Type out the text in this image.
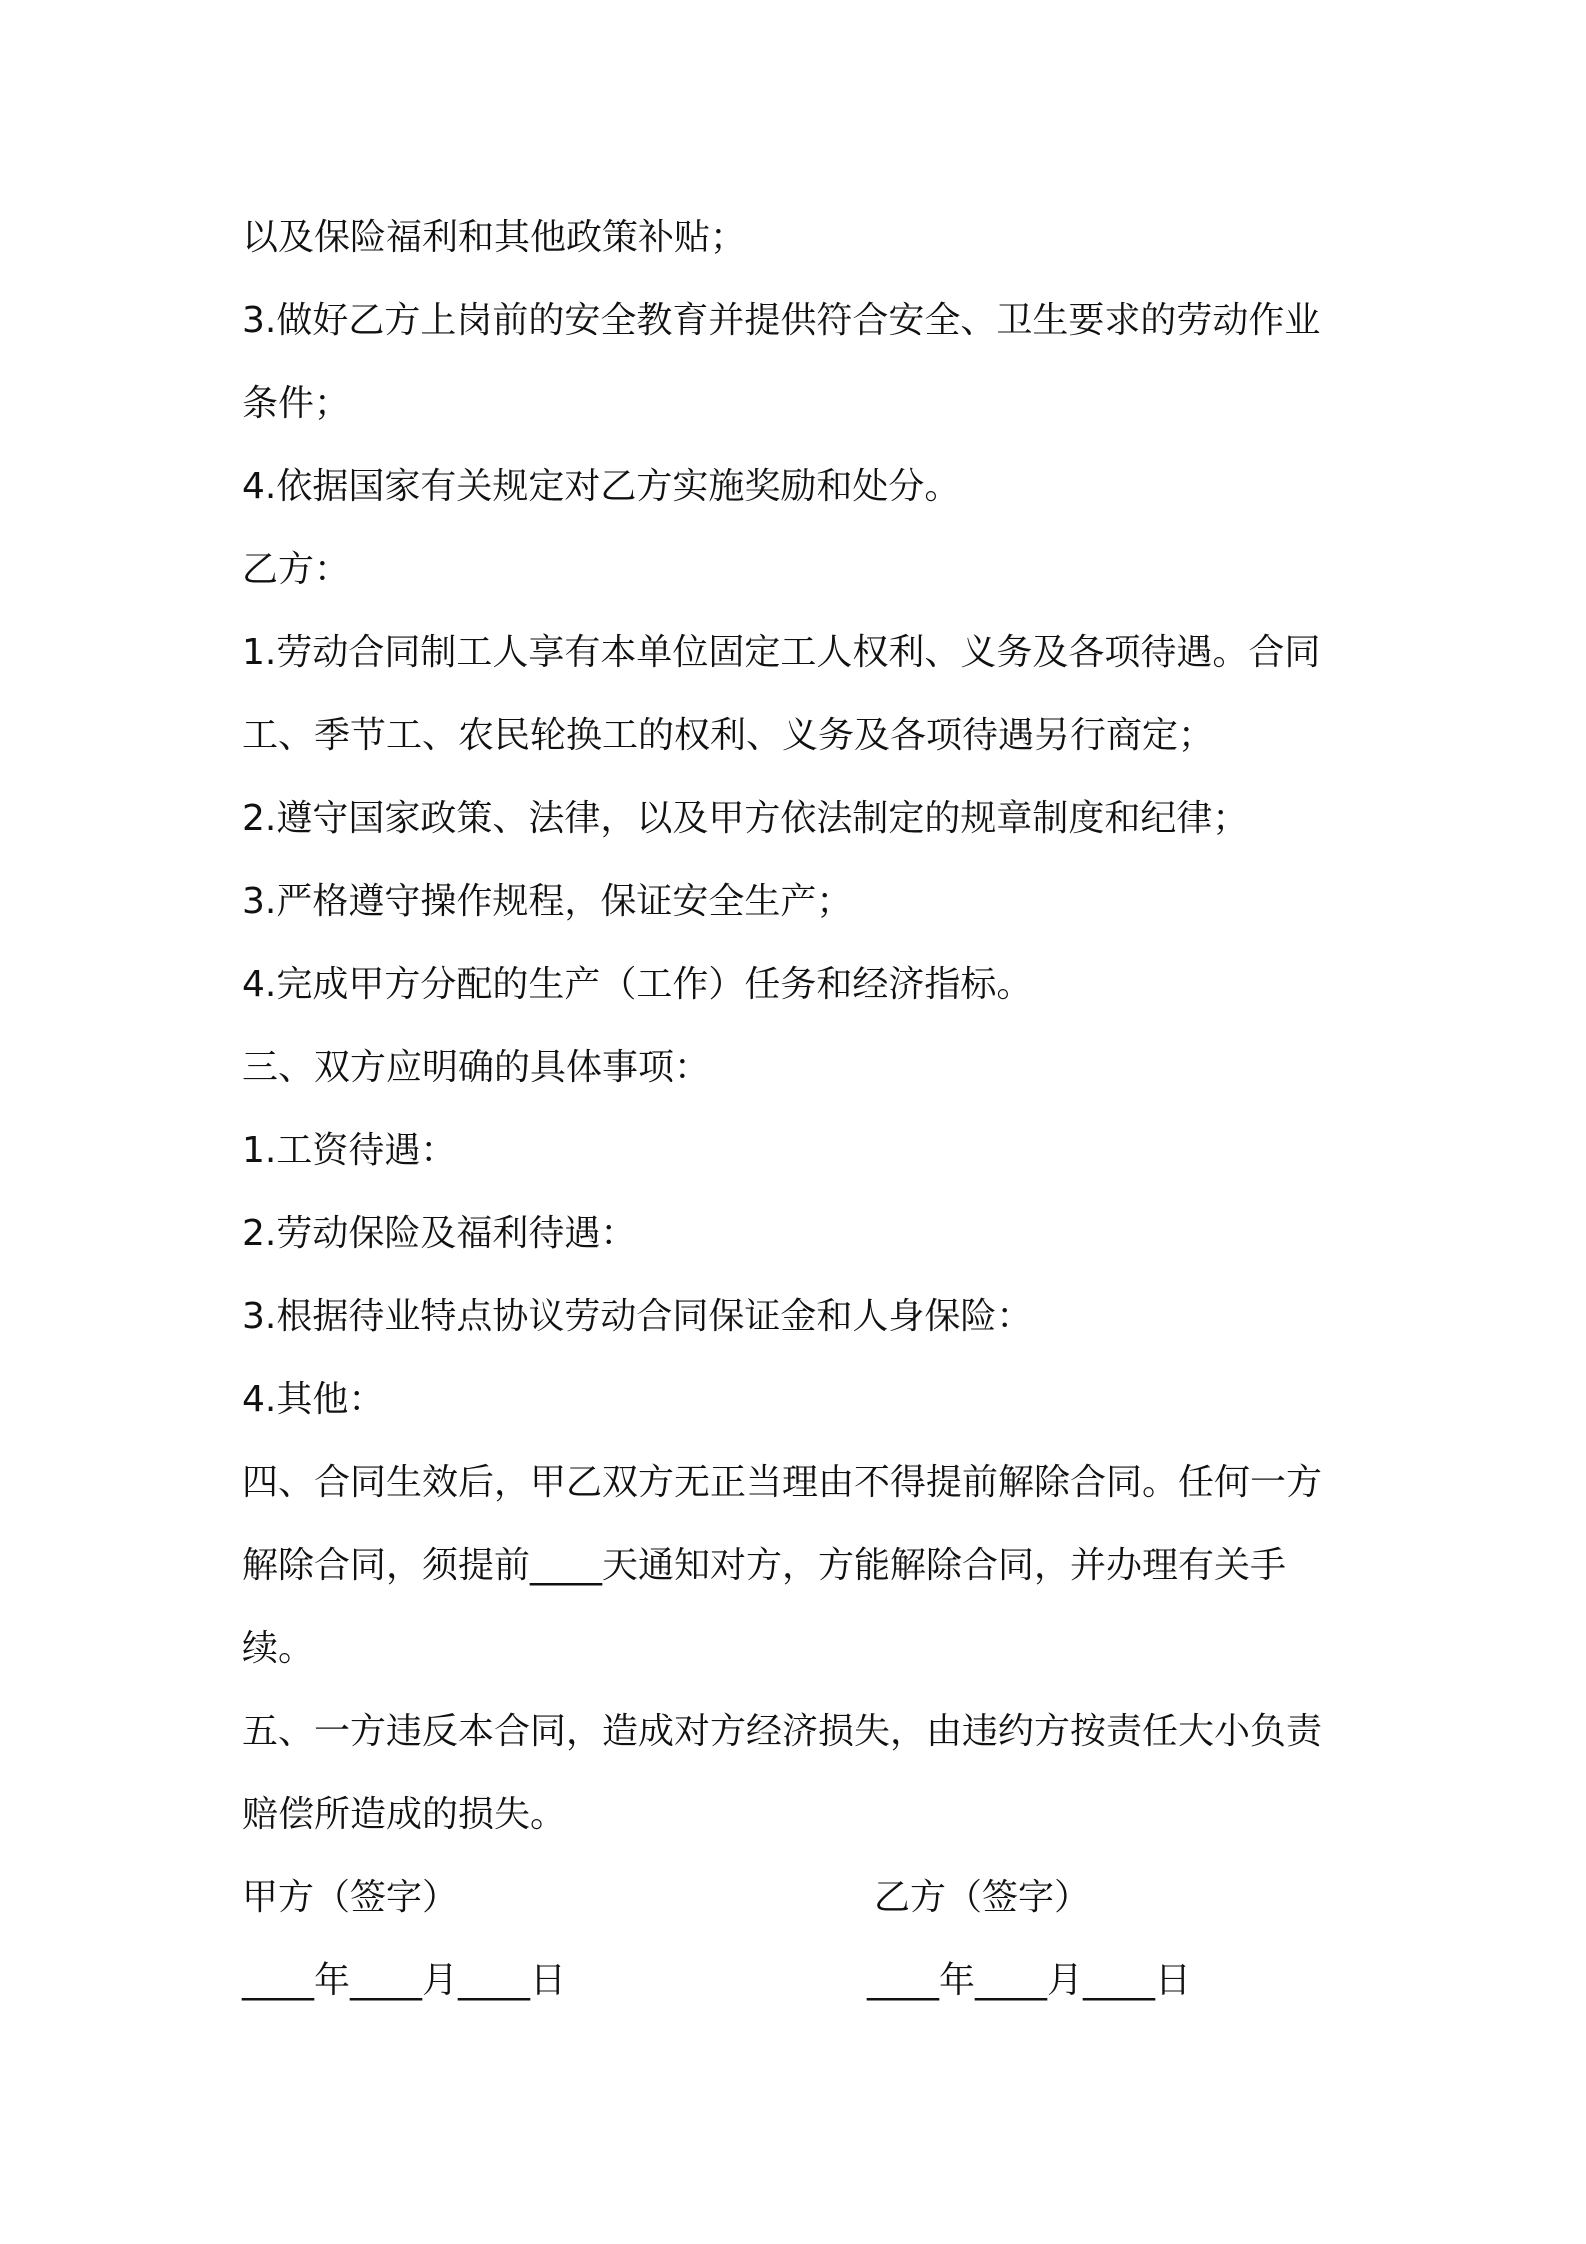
以及保险福利和其他政策补贴；
3.做好乙方上岗前的安全教育并提供符合安全、卫生要求的劳动作业
条件；
4.依据国家有关规定对乙方实施奖励和处分。
乙方：
1.劳动合同制工人享有本单位固定工人权利、义务及各项待遇。合同
工、季节工、农民轮换工的权利、义务及各项待遇另行商定；
2.遵守国家政策、法律，以及甲方依法制定的规章制度和纪律；
3.严格遵守操作规程，保证安全生产；
4.完成甲方分配的生产（工作）任务和经济指标。
三、双方应明确的具体事项：
1.工资待遇：
2.劳动保险及福利待遇：
3.根据待业特点协议劳动合同保证金和人身保险：
4.其他：
四、合同生效后，甲乙双方无正当理由不得提前解除合同。任何一方
解除合同，须提前____天通知对方，方能解除合同，并办理有关手
续。
五、一方违反本合同，造成对方经济损失，由违约方按责任大小负责
赔偿所造成的损失。
甲方（签字）	乙方（签字）
____年____月____日	____年____月____日
